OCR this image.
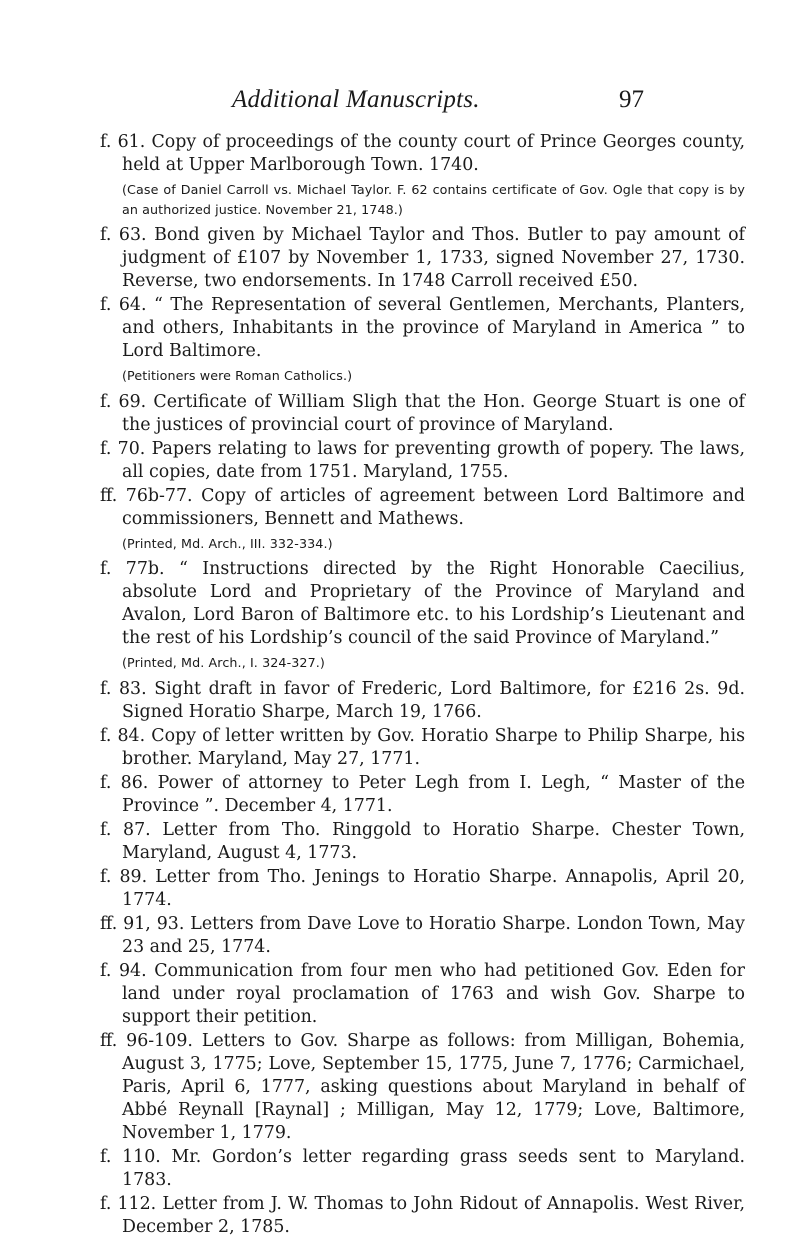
Additional Manuscripts.	97

f. 61. Copy of proceedings of the county court of Prince Georges county, held at Upper Marlborough Town. 1740.

(Case of Daniel Carroll vs. Michael Taylor. F. 62 contains certificate of Gov. Ogle that copy is by an authorized justice. November 21, 1748.)

f. 63. Bond given by Michael Taylor and Thos. Butler to pay amount of judgment of £107 by November 1, 1733, signed November 27, 1730. Reverse, two endorsements. In 1748 Carroll received £50.

f. 64. “ The Representation of several Gentlemen, Merchants, Planters, and others, Inhabitants in the province of Maryland in America ” to Lord Baltimore.

(Petitioners were Roman Catholics.)

f. 69. Certificate of William Sligh that the Hon. George Stuart is one of the justices of provincial court of province of Maryland.

f. 70. Papers relating to laws for preventing growth of popery. The laws, all copies, date from 1751. Maryland, 1755.

ff. 76b-77. Copy of articles of agreement between Lord Baltimore and commissioners, Bennett and Mathews.

(Printed, Md. Arch., III. 332-334.)

f. 77b. “ Instructions directed by the Right Honorable Caecilius, absolute Lord and Proprietary of the Province of Maryland and Avalon, Lord Baron of Baltimore etc. to his Lordship’s Lieutenant and the rest of his Lordship’s council of the said Province of Maryland.”

(Printed, Md. Arch., I. 324-327.)

f. 83. Sight draft in favor of Frederic, Lord Baltimore, for £216 2s. 9d. Signed Horatio Sharpe, March 19, 1766.

f. 84. Copy of letter written by Gov. Horatio Sharpe to Philip Sharpe, his brother. Maryland, May 27, 1771.

f. 86. Power of attorney to Peter Legh from I. Legh, “ Master of the Province ”. December 4, 1771.

f. 87. Letter from Tho. Ringgold to Horatio Sharpe. Chester Town, Maryland, August 4, 1773.

f. 89. Letter from Tho. Jenings to Horatio Sharpe. Annapolis, April 20, 1774.

ff. 91, 93. Letters from Dave Love to Horatio Sharpe. London Town, May 23 and 25, 1774.

f. 94. Communication from four men who had petitioned Gov. Eden for land under royal proclamation of 1763 and wish Gov. Sharpe to support their petition.

ff. 96-109. Letters to Gov. Sharpe as follows: from Milligan, Bohemia, August 3, 1775; Love, September 15, 1775, June 7, 1776; Carmichael, Paris, April 6, 1777, asking questions about Maryland in behalf of Abbé Reynall [Raynal] ; Milligan, May 12, 1779; Love, Baltimore, November 1, 1779.

f. 110. Mr. Gordon’s letter regarding grass seeds sent to Maryland. 1783.

f. 112. Letter from J. W. Thomas to John Ridout of Annapolis. West River, December 2, 1785.
